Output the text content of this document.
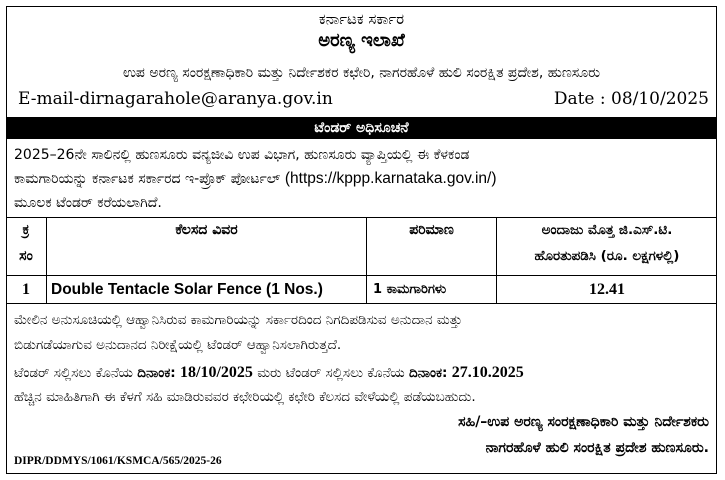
ಕರ್ನಾಟಕ ಸರ್ಕಾರ
ಅರಣ್ಯ ಇಲಾಖೆ
ಉಪ ಅರಣ್ಯ ಸಂರಕ್ಷಣಾಧಿಕಾರಿ ಮತ್ತು ನಿರ್ದೇಶಕರ ಕಛೇರಿ, ನಾಗರಹೊಳೆ ಹುಲಿ ಸಂರಕ್ಷಿತ ಪ್ರದೇಶ, ಹುಣಸೂರು
E-mail-dirnagarahole@aranya.gov.in	Date : 08/10/2025
ಟೆಂಡರ್ ಅಧಿಸೂಚನೆ
2025–26ನೇ ಸಾಲಿನಲ್ಲಿ ಹುಣಸೂರು ವನ್ಯಜೀವಿ ಉಪ ವಿಭಾಗ, ಹುಣಸೂರು ವ್ಯಾಪ್ತಿಯಲ್ಲಿ ಈ ಕೆಳಕಂಡ
ಕಾಮಗಾರಿಯನ್ನು ಕರ್ನಾಟಕ ಸರ್ಕಾರದ ಇ-ಪ್ರೊಕ್ ಪೋರ್ಟಲ್ (https://kppp.karnataka.gov.in/)
ಮೂಲಕ ಟೆಂಡರ್ ಕರೆಯಲಾಗಿದೆ.
ಕ್ರ
ಸಂ
ಕೆಲಸದ ವಿವರ	ಪರಿಮಾಣ	ಅಂದಾಜು ಮೊತ್ತ ಜಿ.ಎಸ್.ಟಿ.
ಹೊರತುಪಡಿಸಿ (ರೂ. ಲಕ್ಷಗಳಲ್ಲಿ)
1	Double Tentacle Solar Fence (1 Nos.)	1 ಕಾಮಗಾರಿಗಳು	12.41
ಮೇಲಿನ ಅನುಸೂಚಿಯಲ್ಲಿ ಆಹ್ವಾನಿಸಿರುವ ಕಾಮಗಾರಿಯನ್ನು ಸರ್ಕಾರದಿಂದ ನಿಗದಿಪಡಿಸುವ ಅನುದಾನ ಮತ್ತು
ಬಿಡುಗಡೆಯಾಗುವ ಅನುದಾನದ ನಿರೀಕ್ಷೆಯಲ್ಲಿ ಟೆಂಡರ್ ಆಹ್ವಾನಿಸಲಾಗಿರುತ್ತದೆ.
ಟೆಂಡರ್ ಸಲ್ಲಿಸಲು ಕೊನೆಯ ದಿನಾಂಕ: 18/10/2025 ಮರು ಟೆಂಡರ್ ಸಲ್ಲಿಸಲು ಕೊನೆಯ ದಿನಾಂಕ: 27.10.2025
ಹೆಚ್ಚಿನ ಮಾಹಿತಿಗಾಗಿ ಈ ಕೆಳಗೆ ಸಹಿ ಮಾಡಿರುವವರ ಕಛೇರಿಯಲ್ಲಿ ಕಛೇರಿ ಕೆಲಸದ ವೇಳೆಯಲ್ಲಿ ಪಡೆಯಬಹುದು.
ಸಹಿ/–ಉಪ ಅರಣ್ಯ ಸಂರಕ್ಷಣಾಧಿಕಾರಿ ಮತ್ತು ನಿರ್ದೇಶಕರು
ನಾಗರಹೊಳೆ ಹುಲಿ ಸಂರಕ್ಷಿತ ಪ್ರದೇಶ ಹುಣಸೂರು.
DIPR/DDMYS/1061/KSMCA/565/2025-26
